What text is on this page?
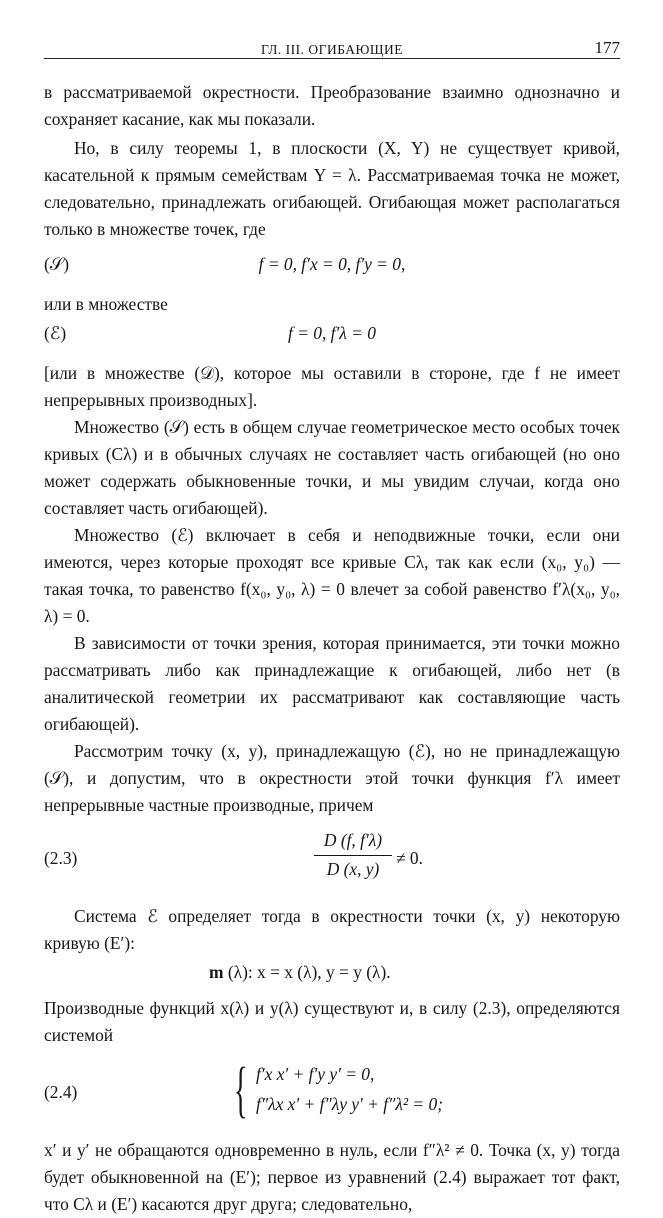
ГЛ. III. ОГИБАЮЩИЕ	177

в рассматриваемой окрестности. Преобразование взаимно однозначно и сохраняет касание, как мы показали.

Но, в силу теоремы 1, в плоскости (X, Y) не существует кривой, касательной к прямым семействам Y = λ. Рассматриваемая точка не может, следовательно, принадлежать огибающей. Огибающая может располагаться только в множестве точек, где

(𝒮)	f = 0, f′x = 0, f′y = 0,

или в множестве

(ℰ)	f = 0, f′λ = 0

[или в множестве (𝒟), которое мы оставили в стороне, где f не имеет непрерывных производных].

Множество (𝒮) есть в общем случае геометрическое место особых точек кривых (Cλ) и в обычных случаях не составляет часть огибающей (но оно может содержать обыкновенные точки, и мы увидим случаи, когда оно составляет часть огибающей).

Множество (ℰ) включает в себя и неподвижные точки, если они имеются, через которые проходят все кривые Cλ, так как если (x₀, y₀) — такая точка, то равенство f(x₀, y₀, λ) = 0 влечет за собой равенство f′λ(x₀, y₀, λ) = 0.

В зависимости от точки зрения, которая принимается, эти точки можно рассматривать либо как принадлежащие к огибающей, либо нет (в аналитической геометрии их рассматривают как составляющие часть огибающей).

Рассмотрим точку (x, y), принадлежащую (ℰ), но не принадлежащую (𝒮), и допустим, что в окрестности этой точки функция f′λ имеет непрерывные частные производные, причем

(2.3)	$\frac{D (f, f'\lambda)}{D (x, y)} \ne 0$.

Система ℰ определяет тогда в окрестности точки (x, y) некоторую кривую (E′):

m (λ): x = x (λ), y = y (λ).

Производные функций x(λ) и y(λ) существуют и, в силу (2.3), определяются системой

(2.4)	{ f′x x′ + f′y y′ = 0,
f″λx x′ + f″λy y′ + f″λ² = 0;

x′ и y′ не обращаются одновременно в нуль, если f″λ² ≠ 0. Точка (x, y) тогда будет обыкновенной на (E′); первое из уравнений (2.4) выражает тот факт, что Cλ и (E′) касаются друг друга; следовательно,
